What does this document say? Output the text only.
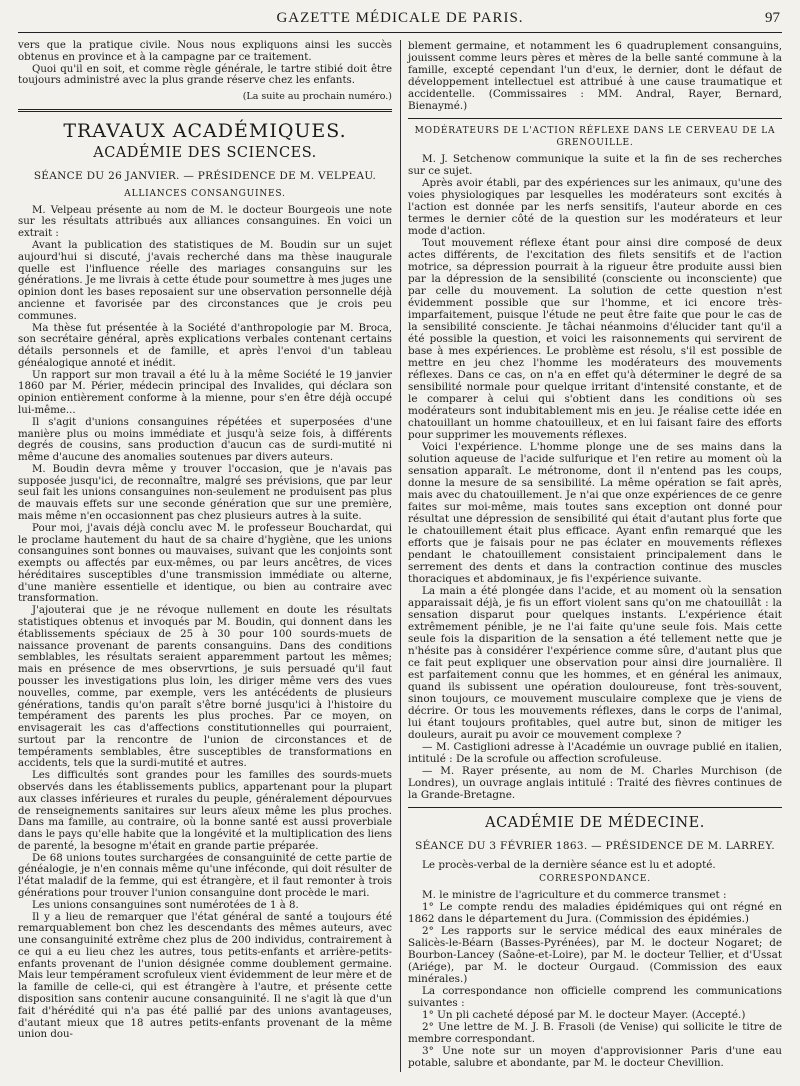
GAZETTE MÉDICALE DE PARIS.	97

vers que la pratique civile. Nous nous expliquons ainsi les succès obtenus en province et à la campagne par ce traitement.

Quoi qu'il en soit, et comme règle générale, le tartre stibié doit être toujours administré avec la plus grande réserve chez les enfants.

(La suite au prochain numéro.)

TRAVAUX ACADÉMIQUES.
ACADÉMIE DES SCIENCES.
SÉANCE DU 26 JANVIER. — PRÉSIDENCE DE M. VELPEAU.
ALLIANCES CONSANGUINES.

M. Velpeau présente au nom de M. le docteur Bourgeois une note sur les résultats attribués aux alliances consanguines. En voici un extrait :

Avant la publication des statistiques de M. Boudin sur un sujet aujourd'hui si discuté, j'avais recherché dans ma thèse inaugurale quelle est l'influence réelle des mariages consanguins sur les générations. Je me livrais à cette étude pour soumettre à mes juges une opinion dont les bases reposaient sur une observation personnelle déjà ancienne et favorisée par des circonstances que je crois peu communes.

Ma thèse fut présentée à la Société d'anthropologie par M. Broca, son secrétaire général, après explications verbales contenant certains détails personnels et de famille, et après l'envoi d'un tableau généalogique annoté et inédit.

Un rapport sur mon travail a été lu à la même Société le 19 janvier 1860 par M. Périer, médecin principal des Invalides, qui déclara son opinion entièrement conforme à la mienne, pour s'en être déjà occupé lui-même...

Il s'agit d'unions consanguines répétées et superposées d'une manière plus ou moins immédiate et jusqu'à seize fois, à différents degrés de cousins, sans production d'aucun cas de surdi-mutité ni même d'aucune des anomalies soutenues par divers auteurs.

M. Boudin devra même y trouver l'occasion, que je n'avais pas supposée jusqu'ici, de reconnaître, malgré ses prévisions, que par leur seul fait les unions consanguines non-seulement ne produisent pas plus de mauvais effets sur une seconde génération que sur une première, mais même n'en occasionnent pas chez plusieurs autres à la suite.

Pour moi, j'avais déjà conclu avec M. le professeur Bouchardat, qui le proclame hautement du haut de sa chaire d'hygiène, que les unions consanguines sont bonnes ou mauvaises, suivant que les conjoints sont exempts ou affectés par eux-mêmes, ou par leurs ancêtres, de vices héréditaires susceptibles d'une transmission immédiate ou alterne, d'une manière essentielle et identique, ou bien au contraire avec transformation.

J'ajouterai que je ne révoque nullement en doute les résultats statistiques obtenus et invoqués par M. Boudin, qui donnent dans les établissements spéciaux de 25 à 30 pour 100 sourds-muets de naissance provenant de parents consanguins. Dans des conditions semblables, les résultats seraient apparemment partout les mêmes; mais en présence de mes observrtions, je suis persuadé qu'il faut pousser les investigations plus loin, les diriger même vers des vues nouvelles, comme, par exemple, vers les antécédents de plusieurs générations, tandis qu'on paraît s'être borné jusqu'ici à l'histoire du tempérament des parents les plus proches. Par ce moyen, on envisagerait les cas d'affections constitutionnelles qui pourraient, surtout par la rencontre de l'union de circonstances et de tempéraments semblables, être susceptibles de transformations en accidents, tels que la surdi-mutité et autres.

Les difficultés sont grandes pour les familles des sourds-muets observés dans les établissements publics, appartenant pour la plupart aux classes inférieures et rurales du peuple, généralement dépourvues de renseignements sanitaires sur leurs aïeux même les plus proches. Dans ma famille, au contraire, où la bonne santé est aussi proverbiale dans le pays qu'elle habite que la longévité et la multiplication des liens de parenté, la besogne m'était en grande partie préparée.

De 68 unions toutes surchargées de consanguinité de cette partie de généalogie, je n'en connais même qu'une inféconde, qui doit résulter de l'état maladif de la femme, qui est étrangère, et il faut remonter à trois générations pour trouver l'union consanguine dont procède le mari.

Les unions consanguines sont numérotées de 1 à 8.

Il y a lieu de remarquer que l'état général de santé a toujours été remarquablement bon chez les descendants des mêmes auteurs, avec une consanguinité extrême chez plus de 200 individus, contrairement à ce qui a eu lieu chez les autres, tous petits-enfants et arrière-petits-enfants provenant de l'union désignée comme doublement germaine. Mais leur tempérament scrofuleux vient évidemment de leur mère et de la famille de celle-ci, qui est étrangère à l'autre, et présente cette disposition sans contenir aucune consanguinité. Il ne s'agit là que d'un fait d'hérédité qui n'a pas été pallié par des unions avantageuses, d'autant mieux que 18 autres petits-enfants provenant de la même union dou-

blement germaine, et notamment les 6 quadruplement consanguins, jouissent comme leurs pères et mères de la belle santé commune à la famille, excepté cependant l'un d'eux, le dernier, dont le défaut de développement intellectuel est attribué à une cause traumatique et accidentelle. (Commissaires : MM. Andral, Rayer, Bernard, Bienaymé.)

MODÉRATEURS DE L'ACTION RÉFLEXE DANS LE CERVEAU DE LA GRENOUILLE.

M. J. Setchenow communique la suite et la fin de ses recherches sur ce sujet.

Après avoir établi, par des expériences sur les animaux, qu'une des voies physiologiques par lesquelles les modérateurs sont excités à l'action est donnée par les nerfs sensitifs, l'auteur aborde en ces termes le dernier côté de la question sur les modérateurs et leur mode d'action.

Tout mouvement réflexe étant pour ainsi dire composé de deux actes différents, de l'excitation des filets sensitifs et de l'action motrice, sa dépression pourrait à la rigueur être produite aussi bien par la dépression de la sensibilité (consciente ou inconsciente) que par celle du mouvement. La solution de cette question n'est évidemment possible que sur l'homme, et ici encore très-imparfaitement, puisque l'étude ne peut être faite que pour le cas de la sensibilité consciente. Je tâchai néanmoins d'élucider tant qu'il a été possible la question, et voici les raisonnements qui servirent de base à mes expériences. Le problème est résolu, s'il est possible de mettre en jeu chez l'homme les modérateurs des mouvements réflexes. Dans ce cas, on n'a en effet qu'à déterminer le degré de sa sensibilité normale pour quelque irritant d'intensité constante, et de le comparer à celui qui s'obtient dans les conditions où ses modérateurs sont indubitablement mis en jeu. Je réalise cette idée en chatouillant un homme chatouilleux, et en lui faisant faire des efforts pour supprimer les mouvements réflexes.

Voici l'expérience. L'homme plonge une de ses mains dans la solution aqueuse de l'acide sulfurique et l'en retire au moment où la sensation apparaît. Le métronome, dont il n'entend pas les coups, donne la mesure de sa sensibilité. La même opération se fait après, mais avec du chatouillement. Je n'ai que onze expériences de ce genre faites sur moi-même, mais toutes sans exception ont donné pour résultat une dépression de sensibilité qui était d'autant plus forte que le chatouillement était plus efficace. Ayant enfin remarqué que les efforts que je faisais pour ne pas éclater en mouvements réflexes pendant le chatouillement consistaient principalement dans le serrement des dents et dans la contraction continue des muscles thoraciques et abdominaux, je fis l'expérience suivante.

La main a été plongée dans l'acide, et au moment où la sensation apparaissait déjà, je fis un effort violent sans qu'on me chatouillât : la sensation disparut pour quelques instants. L'expérience était extrêmement pénible, je ne l'ai faite qu'une seule fois. Mais cette seule fois la disparition de la sensation a été tellement nette que je n'hésite pas à considérer l'expérience comme sûre, d'autant plus que ce fait peut expliquer une observation pour ainsi dire journalière. Il est parfaitement connu que les hommes, et en général les animaux, quand ils subissent une opération douloureuse, font très-souvent, sinon toujours, ce mouvement musculaire complexe que je viens de décrire. Or tous les mouvements réflexes, dans le corps de l'animal, lui étant toujours profitables, quel autre but, sinon de mitiger les douleurs, aurait pu avoir ce mouvement complexe ?

— M. Castiglioni adresse à l'Académie un ouvrage publié en italien, intitulé : De la scrofule ou affection scrofuleuse.

— M. Rayer présente, au nom de M. Charles Murchison (de Londres), un ouvrage anglais intitulé : Traité des fièvres continues de la Grande-Bretagne.

ACADÉMIE DE MÉDECINE.
SÉANCE DU 3 FÉVRIER 1863. — PRÉSIDENCE DE M. LARREY.

Le procès-verbal de la dernière séance est lu et adopté.

CORRESPONDANCE.

M. le ministre de l'agriculture et du commerce transmet :

1° Le compte rendu des maladies épidémiques qui ont régné en 1862 dans le département du Jura. (Commission des épidémies.)

2° Les rapports sur le service médical des eaux minérales de Salicès-le-Béarn (Basses-Pyrénées), par M. le docteur Nogaret; de Bourbon-Lancey (Saône-et-Loire), par M. le docteur Tellier, et d'Ussat (Ariége), par M. le docteur Ourgaud. (Commission des eaux minérales.)

La correspondance non officielle comprend les communications suivantes :

1° Un pli cacheté déposé par M. le docteur Mayer. (Accepté.)

2° Une lettre de M. J. B. Frasoli (de Venise) qui sollicite le titre de membre correspondant.

3° Une note sur un moyen d'approvisionner Paris d'une eau potable, salubre et abondante, par M. le docteur Chevillion.
